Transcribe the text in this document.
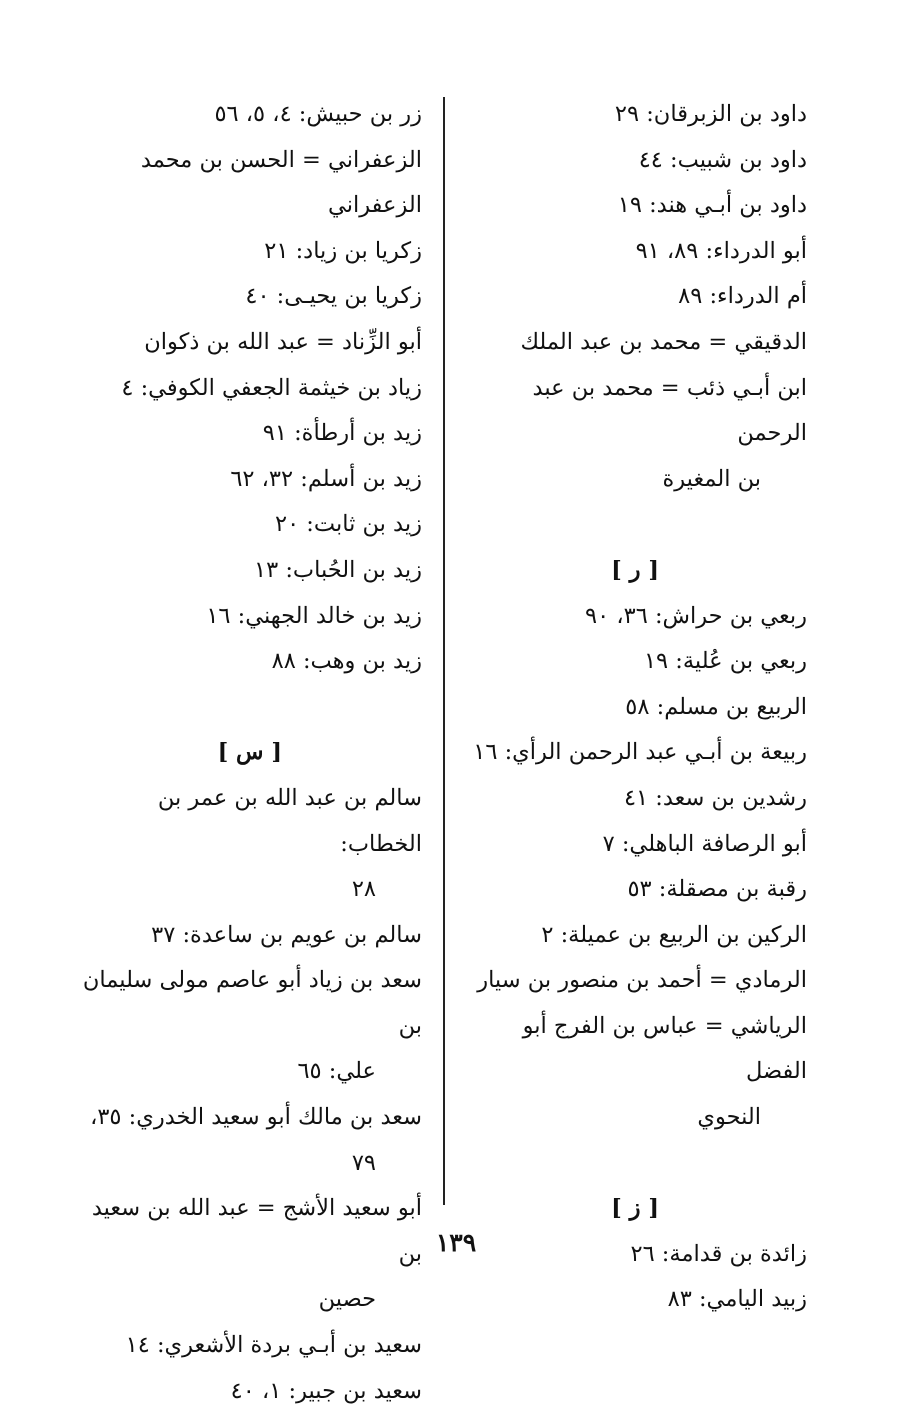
داود بن الزبرقان: ٢٩
داود بن شبيب: ٤٤
داود بن أبـي هند: ١٩
أبو الدرداء: ٨٩، ٩١
أم الدرداء: ٨٩
الدقيقي = محمد بن عبد الملك
ابن أبـي ذئب = محمد بن عبد الرحمن
بن المغيرة
[ ر ]
ربعي بن حراش: ٣٦، ٩٠
ربعي بن عُلية: ١٩
الربيع بن مسلم: ٥٨
ربيعة بن أبـي عبد الرحمن الرأي: ١٦
رشدين بن سعد: ٤١
أبو الرصافة الباهلي: ٧
رقبة بن مصقلة: ٥٣
الركين بن الربيع بن عميلة: ٢
الرمادي = أحمد بن منصور بن سيار
الرياشي = عباس بن الفرج أبو الفضل
النحوي
[ ز ]
زائدة بن قدامة: ٢٦
زبيد اليامي: ٨٣
زر بن حبيش: ٤، ٥، ٥٦
الزعفراني = الحسن بن محمد الزعفراني
زكريا بن زياد: ٢١
زكريا بن يحيـى: ٤٠
أبو الزِّناد = عبد الله بن ذكوان
زياد بن خيثمة الجعفي الكوفي: ٤
زيد بن أرطأة: ٩١
زيد بن أسلم: ٣٢، ٦٢
زيد بن ثابت: ٢٠
زيد بن الحُباب: ١٣
زيد بن خالد الجهني: ١٦
زيد بن وهب: ٨٨
[ س ]
سالم بن عبد الله بن عمر بن الخطاب:
٢٨
سالم بن عويم بن ساعدة: ٣٧
سعد بن زياد أبو عاصم مولى سليمان بن
علي: ٦٥
سعد بن مالك أبو سعيد الخدري: ٣٥،
٧٩
أبو سعيد الأشج = عبد الله بن سعيد بن
حصين
سعيد بن أبـي بردة الأشعري: ١٤
سعيد بن جبير: ١، ٤٠
١٣٩
